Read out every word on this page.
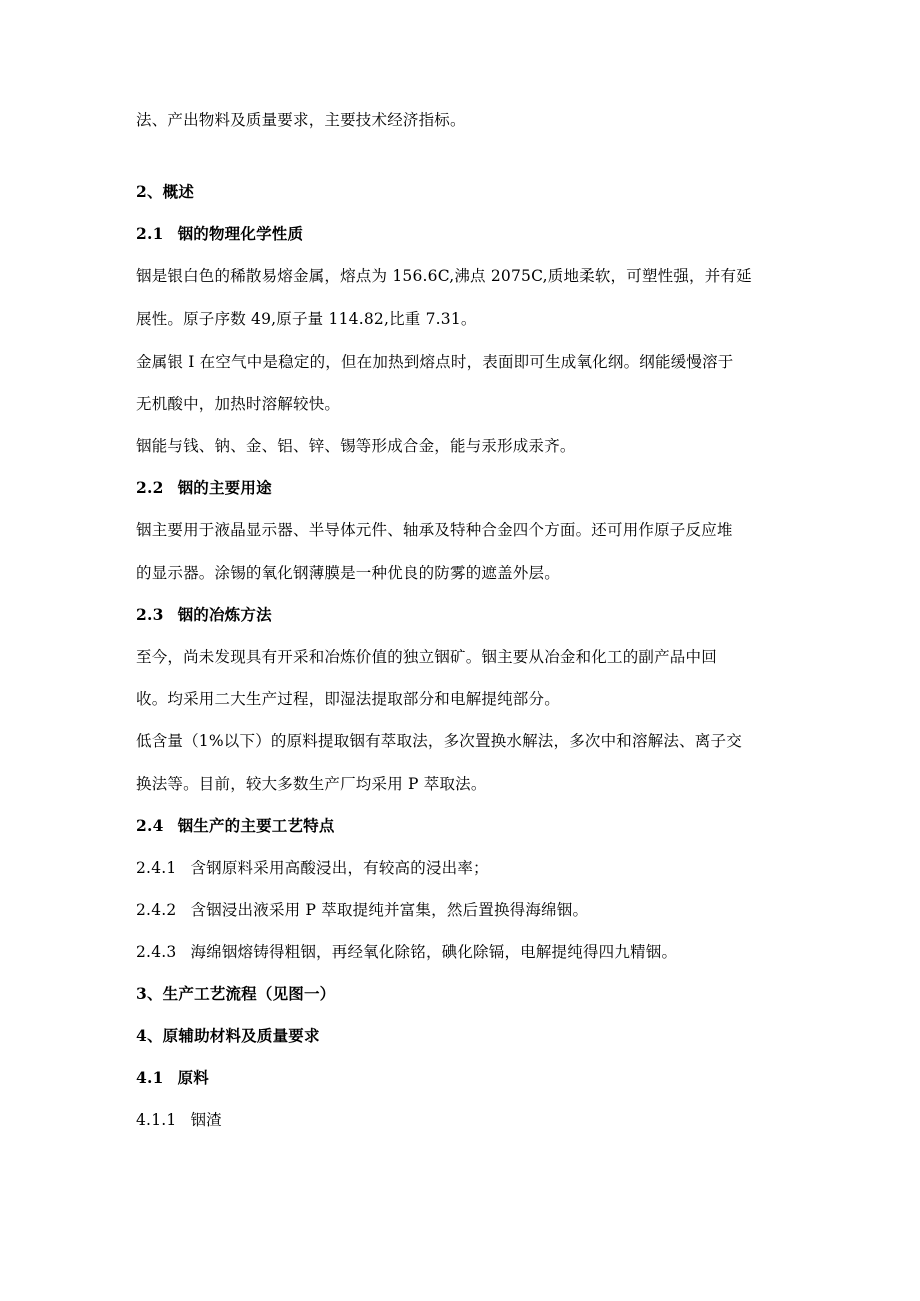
法、产出物料及质量要求，主要技术经济指标。
2、概述
2.1 铟的物理化学性质
铟是银白色的稀散易熔金属，熔点为 156.6C,沸点 2075C,质地柔软，可塑性强，并有延
展性。原子序数 49,原子量 114.82,比重 7.31。
金属银 I 在空气中是稳定的，但在加热到熔点时，表面即可生成氧化纲。纲能缓慢溶于
无机酸中，加热时溶解较快。
铟能与钱、钠、金、铝、锌、锡等形成合金，能与汞形成汞齐。
2.2 铟的主要用途
铟主要用于液晶显示器、半导体元件、轴承及特种合金四个方面。还可用作原子反应堆
的显示器。涂锡的氧化钢薄膜是一种优良的防雾的遮盖外层。
2.3 铟的冶炼方法
至今，尚未发现具有开采和冶炼价值的独立铟矿。铟主要从冶金和化工的副产品中回
收。均采用二大生产过程，即湿法提取部分和电解提纯部分。
低含量（1%以下）的原料提取铟有萃取法，多次置换水解法，多次中和溶解法、离子交
换法等。目前，较大多数生产厂均采用 P 萃取法。
2.4 铟生产的主要工艺特点
2.4.1 含钢原料采用高酸浸出，有较高的浸出率；
2.4.2 含铟浸出液采用 P 萃取提纯并富集，然后置换得海绵铟。
2.4.3 海绵铟熔铸得粗铟，再经氧化除铭，碘化除镉，电解提纯得四九精铟。
3、生产工艺流程（见图一）
4、原辅助材料及质量要求
4.1 原料
4.1.1 铟渣
